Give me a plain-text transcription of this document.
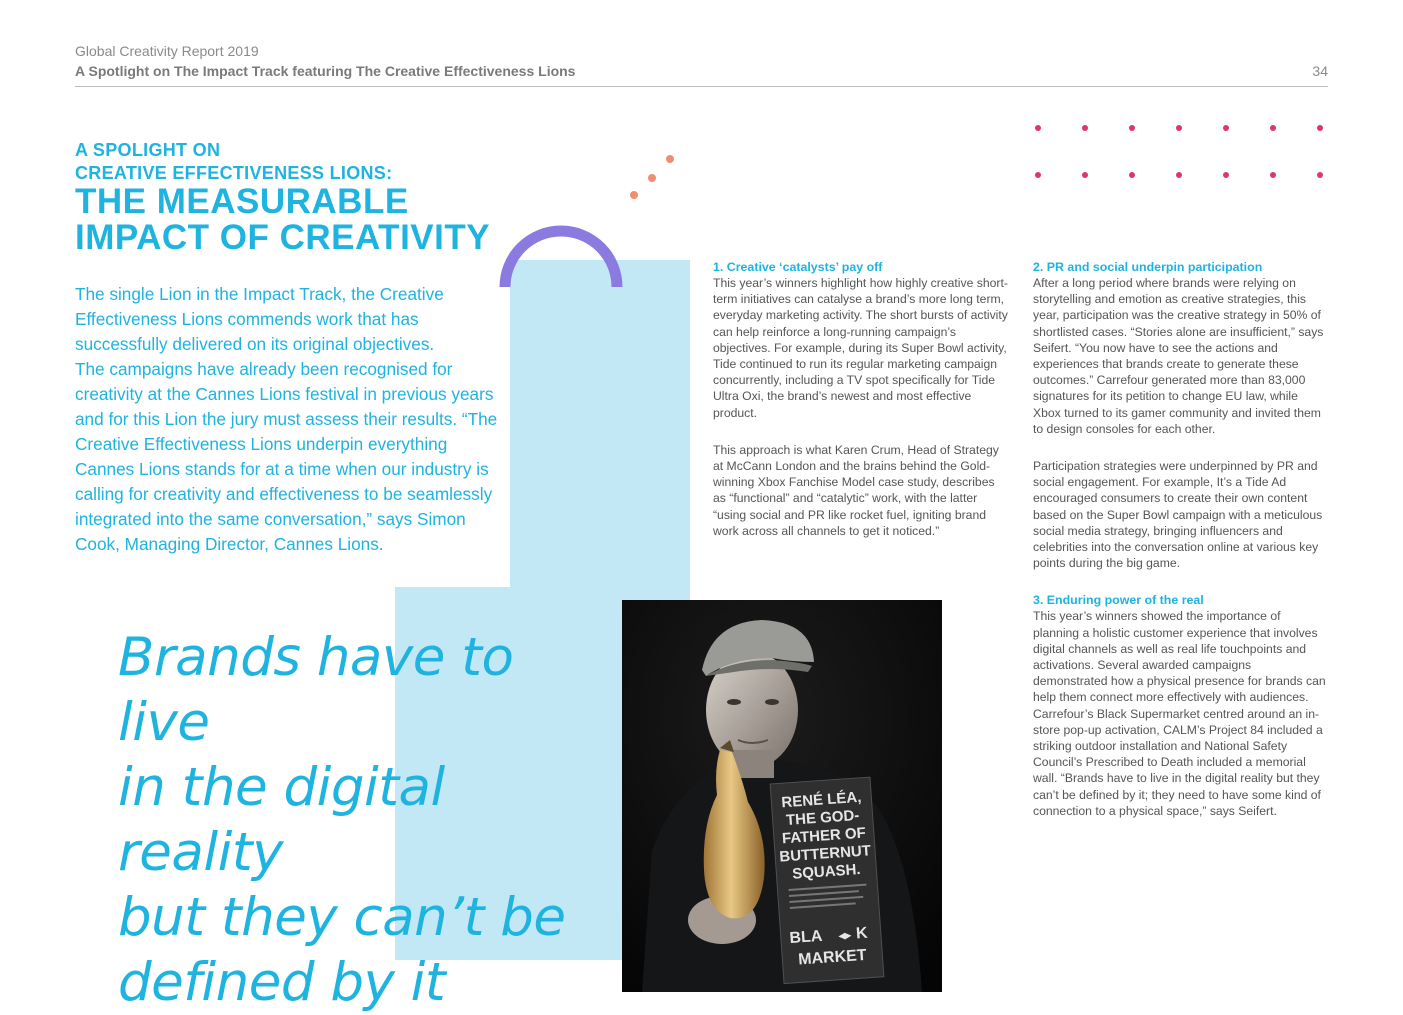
Global Creativity Report 2019
A Spotlight on The Impact Track featuring The Creative Effectiveness Lions	34
A SPOLIGHT ON
CREATIVE EFFECTIVENESS LIONS:
THE MEASURABLE
IMPACT OF CREATIVITY

The single Lion in the Impact Track, the Creative Effectiveness Lions commends work that has successfully delivered on its original objectives.

The campaigns have already been recognised for creativity at the Cannes Lions festival in previous years and for this Lion the jury must assess their results. “The Creative Effectiveness Lions underpin everything Cannes Lions stands for at a time when our industry is calling for creativity and effectiveness to be seamlessly integrated into the same conversation,” says Simon Cook, Managing Director, Cannes Lions.

Brands have to live
in the digital reality
but they can’t be
defined by it
RENÉ LÉA,
THE GOD-
FATHER OF
BUTTERNUT
SQUASH.
BLA ◂▸ K
MARKET
1. Creative ‘catalysts’ pay off

This year’s winners highlight how highly creative short-term initiatives can catalyse a brand’s more long term, everyday marketing activity. The short bursts of activity can help reinforce a long-running campaign’s objectives. For example, during its Super Bowl activity, Tide continued to run its regular marketing campaign concurrently, including a TV spot specifically for Tide Ultra Oxi, the brand’s newest and most effective product.

This approach is what Karen Crum, Head of Strategy at McCann London and the brains behind the Gold-winning Xbox Fanchise Model case study, describes as “functional” and “catalytic” work, with the latter “using social and PR like rocket fuel, igniting brand work across all channels to get it noticed.”

2. PR and social underpin participation

After a long period where brands were relying on storytelling and emotion as creative strategies, this year, participation was the creative strategy in 50% of shortlisted cases. “Stories alone are insufficient,” says Seifert. “You now have to see the actions and experiences that brands create to generate these outcomes.” Carrefour generated more than 83,000 signatures for its petition to change EU law, while Xbox turned to its gamer community and invited them to design consoles for each other.

Participation strategies were underpinned by PR and social engagement. For example, It’s a Tide Ad encouraged consumers to create their own content based on the Super Bowl campaign with a meticulous social media strategy, bringing influencers and celebrities into the conversation online at various key points during the big game.

3. Enduring power of the real

This year’s winners showed the importance of planning a holistic customer experience that involves digital channels as well as real life touchpoints and activations. Several awarded campaigns demonstrated how a physical presence for brands can help them connect more effectively with audiences. Carrefour’s Black Supermarket centred around an in-store pop-up activation, CALM’s Project 84 included a striking outdoor installation and National Safety Council’s Prescribed to Death included a memorial wall. “Brands have to live in the digital reality but they can’t be defined by it; they need to have some kind of connection to a physical space,” says Seifert.
